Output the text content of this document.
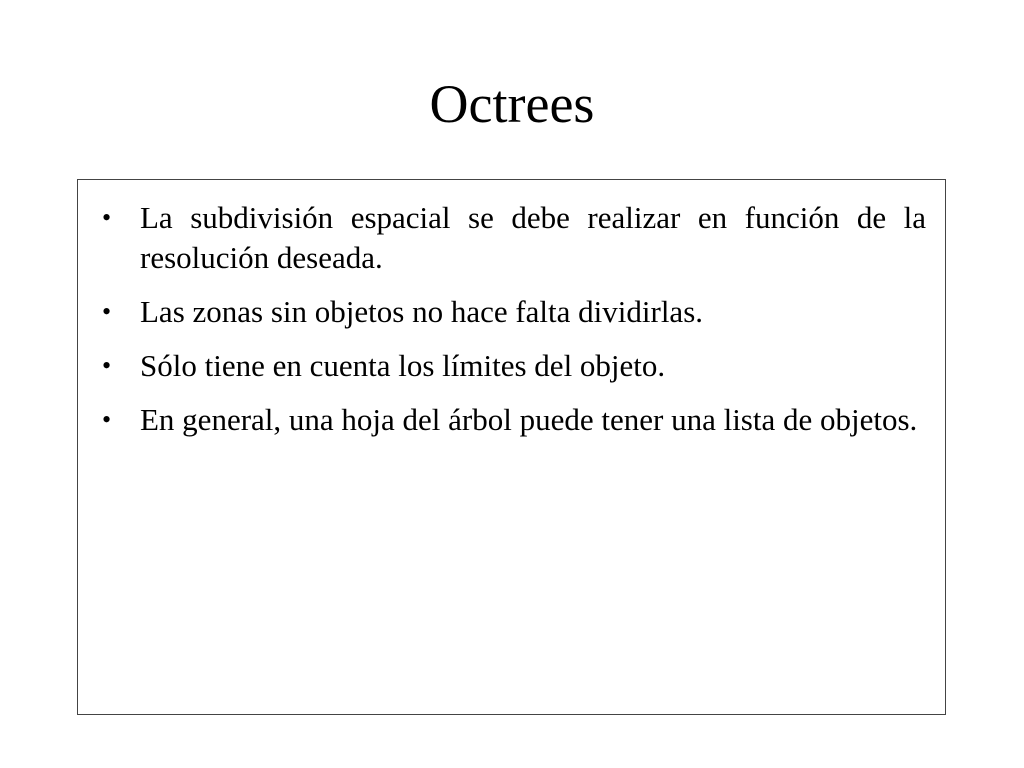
Octrees
• La subdivisión espacial se debe realizar en función de la resolución deseada.
• Las zonas sin objetos no hace falta dividirlas.
• Sólo tiene en cuenta los límites del objeto.
• En general, una hoja del árbol puede tener una lista de objetos.
